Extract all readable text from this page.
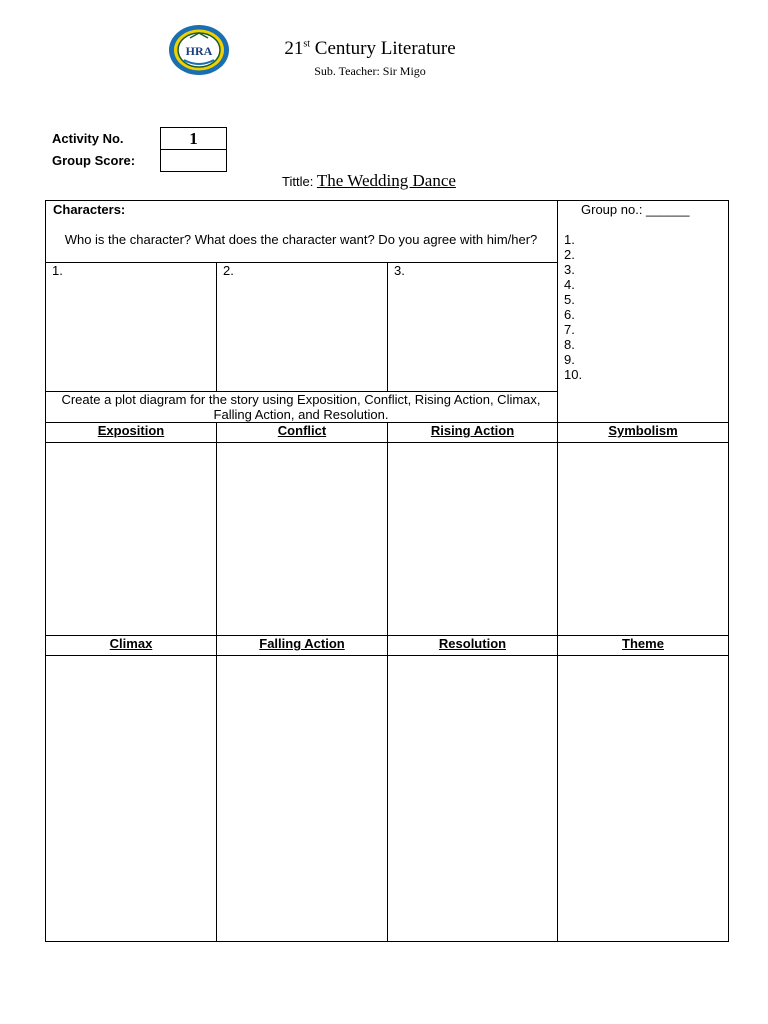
HRA	21st Century Literature
Sub. Teacher: Sir Migo
Activity No.	1
Group Score:
Tittle: The Wedding Dance
Characters:
Who is the character? What does the character want? Do you agree with him/her?
1.	2.	3.
Group no.: ______
1.
2.
3.
4.
5.
6.
7.
8.
9.
10.
Create a plot diagram for the story using Exposition, Conflict, Rising Action, Climax, Falling Action, and Resolution.
Exposition	Conflict	Rising Action	Symbolism
Climax	Falling Action	Resolution	Theme
